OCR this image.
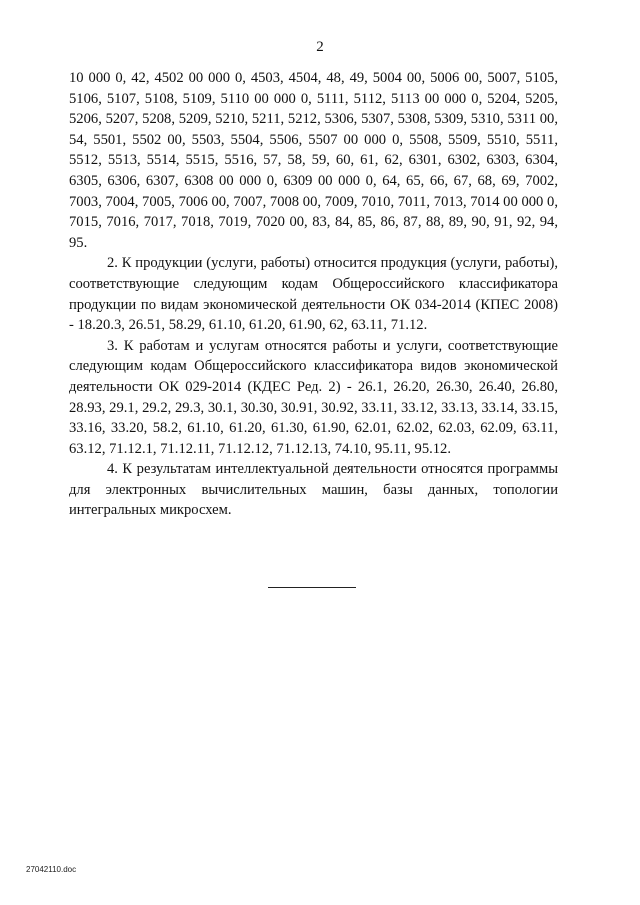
2

10 000 0, 42, 4502 00 000 0, 4503, 4504, 48, 49, 5004 00, 5006 00, 5007, 5105, 5106, 5107, 5108, 5109, 5110 00 000 0, 5111, 5112, 5113 00 000 0, 5204, 5205, 5206, 5207, 5208, 5209, 5210, 5211, 5212, 5306, 5307, 5308, 5309, 5310, 5311 00, 54, 5501, 5502 00, 5503, 5504, 5506, 5507 00 000 0, 5508, 5509, 5510, 5511, 5512, 5513, 5514, 5515, 5516, 57, 58, 59, 60, 61, 62, 6301, 6302, 6303, 6304, 6305, 6306, 6307, 6308 00 000 0, 6309 00 000 0, 64, 65, 66, 67, 68, 69, 7002, 7003, 7004, 7005, 7006 00, 7007, 7008 00, 7009, 7010, 7011, 7013, 7014 00 000 0, 7015, 7016, 7017, 7018, 7019, 7020 00, 83, 84, 85, 86, 87, 88, 89, 90, 91, 92, 94, 95.

2. К продукции (услуги, работы) относится продукция (услуги, работы), соответствующие следующим кодам Общероссийского классификатора продукции по видам экономической деятельности ОК 034-2014 (КПЕС 2008) - 18.20.3, 26.51, 58.29, 61.10, 61.20, 61.90, 62, 63.11, 71.12.

3. К работам и услугам относятся работы и услуги, соответствующие следующим кодам Общероссийского классификатора видов экономической деятельности ОК 029-2014 (КДЕС Ред. 2) - 26.1, 26.20, 26.30, 26.40, 26.80, 28.93, 29.1, 29.2, 29.3, 30.1, 30.30, 30.91, 30.92, 33.11, 33.12, 33.13, 33.14, 33.15, 33.16, 33.20, 58.2, 61.10, 61.20, 61.30, 61.90, 62.01, 62.02, 62.03, 62.09, 63.11, 63.12, 71.12.1, 71.12.11, 71.12.12, 71.12.13, 74.10, 95.11, 95.12.

4. К результатам интеллектуальной деятельности относятся программы для электронных вычислительных машин, базы данных, топологии интегральных микросхем.

27042110.doc
